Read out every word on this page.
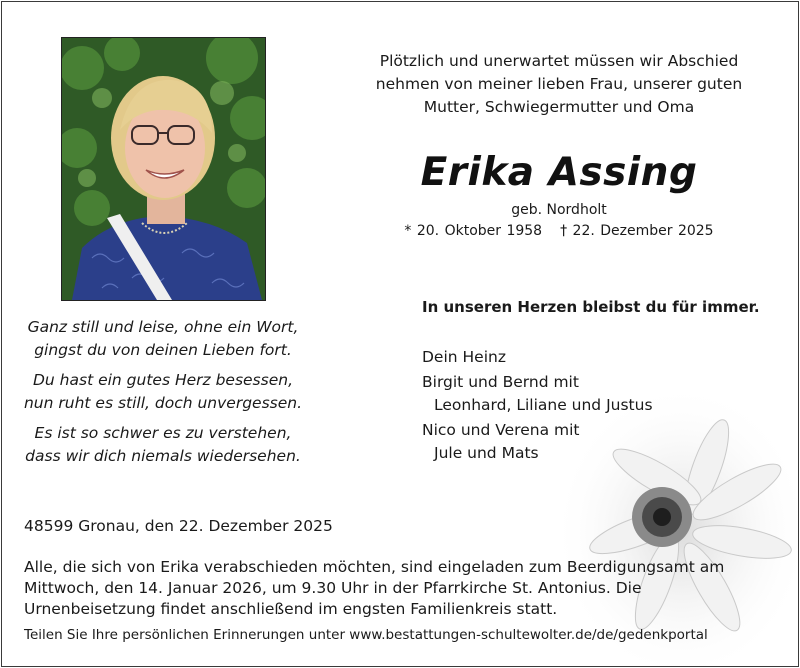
Plötzlich und unerwartet müssen wir Abschied
nehmen von meiner lieben Frau, unserer guten
Mutter, Schwiegermutter und Oma
Erika Assing
geb. Nordholt
* 20. Oktober 1958 † 22. Dezember 2025
In unseren Herzen bleibst du für immer.
Dein Heinz
Birgit und Bernd mit
Leonhard, Liliane und Justus
Nico und Verena mit
Jule und Mats
Ganz still und leise, ohne ein Wort,
gingst du von deinen Lieben fort.
Du hast ein gutes Herz besessen,
nun ruht es still, doch unvergessen.
Es ist so schwer es zu verstehen,
dass wir dich niemals wiedersehen.
48599 Gronau, den 22. Dezember 2025
Alle, die sich von Erika verabschieden möchten, sind eingeladen zum Beerdigungsamt am Mittwoch, den 14. Januar 2026, um 9.30 Uhr in der Pfarrkirche St. Antonius. Die Urnenbeisetzung findet anschließend im engsten Familienkreis statt.
Teilen Sie Ihre persönlichen Erinnerungen unter www.bestattungen-schultewolter.de/de/gedenkportal
